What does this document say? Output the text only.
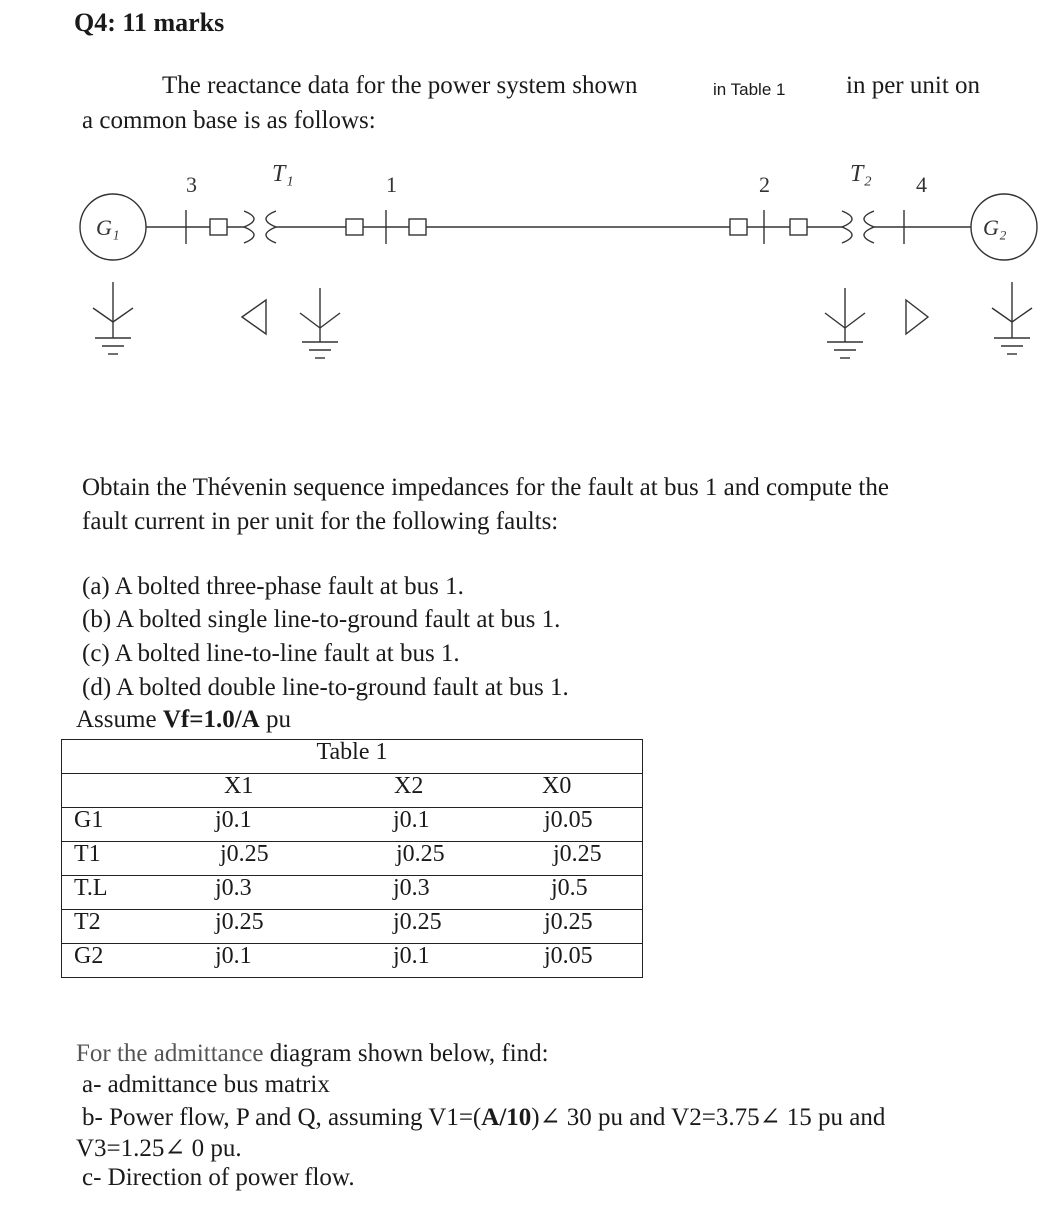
Q4: 11 marks
The reactance data for the power system shown	in Table 1 in per unit on
a common base is as follows:
G₁	G₂
T₁	T₂
3	1	2	4
Obtain the Thévenin sequence impedances for the fault at bus 1 and compute the
fault current in per unit for the following faults:
(a) A bolted three-phase fault at bus 1.
(b) A bolted single line-to-ground fault at bus 1.
(c) A bolted line-to-line fault at bus 1.
(d) A bolted double line-to-ground fault at bus 1.
Assume Vf=1.0/A pu
Table 1			
	X1	X2	X0
G1	j0.1	j0.1	j0.05
T1	j0.25	j0.25	j0.25
T.L	j0.3	j0.3	j0.5
T2	j0.25	j0.25	j0.25
G2	j0.1	j0.1	j0.05
For the admittance diagram shown below, find:
a- admittance bus matrix
b- Power flow, P and Q, assuming V1=(A/10)∠ 30 pu and V2=3.75∠ 15 pu and
V3=1.25∠ 0 pu.
c- Direction of power flow.
